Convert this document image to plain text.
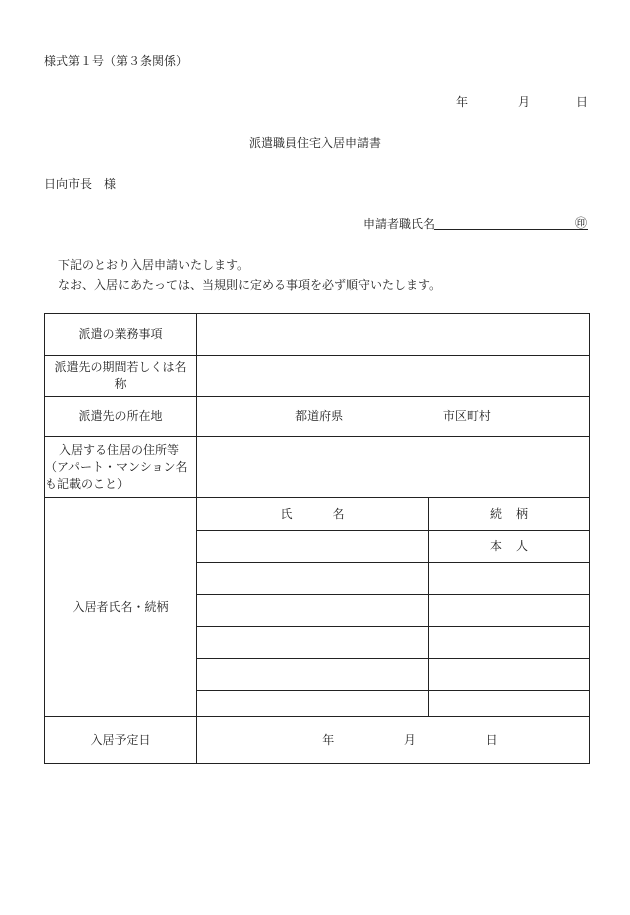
様式第１号（第３条関係）
年	月	日
派遣職員住宅入居申請書
日向市長 様
申請者職氏名	㊞
下記のとおり入居申請いたします。
なお、入居にあたっては、当規則に定める事項を必ず順守いたします。
派遣の業務事項		

派遣先の期間若しくは名
称		

派遣先の所在地	都道府県 市区町村	

入居する住居の住所等
（アパート・マンション名
も記載のこと）		

入居者氏名・続柄	氏 名	続 柄
		本 人

入居予定日	年 月 日	
